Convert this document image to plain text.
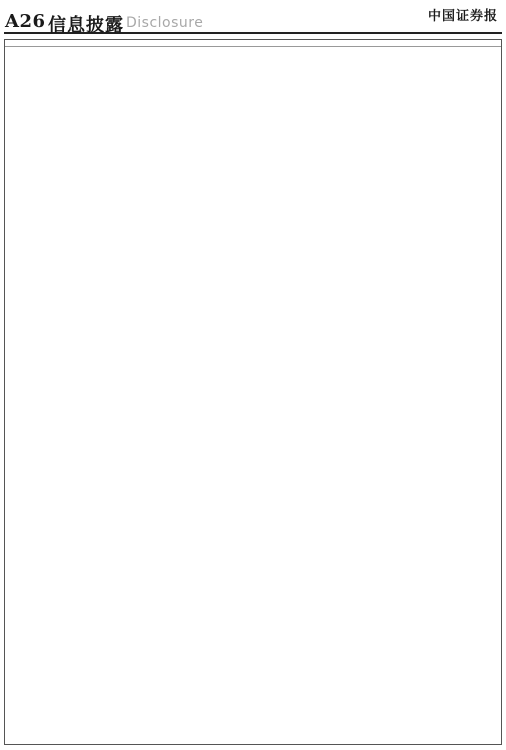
A26 信息披露 Disclosure	中国证券报
